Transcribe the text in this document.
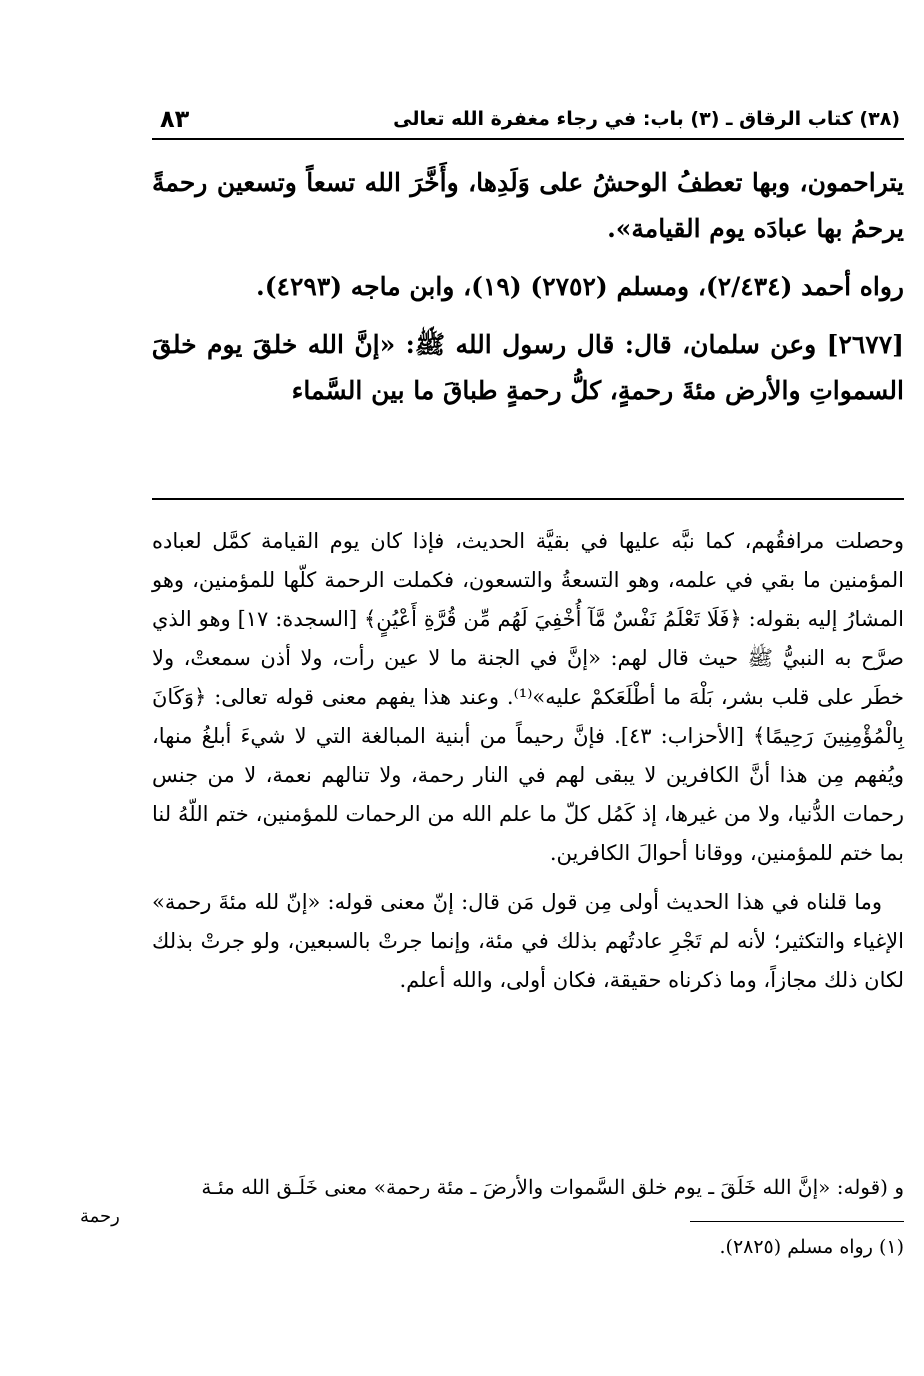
(٣٨) كتاب الرقاق ـ (٣) باب: في رجاء مغفرة الله تعالى
٨٣

يتراحمون، وبها تعطفُ الوحشُ على وَلَدِها، وأَخَّرَ الله تسعاً وتسعين رحمةً يرحمُ بها عبادَه يوم القيامة».

رواه أحمد (٢/٤٣٤)، ومسلم (٢٧٥٢) (١٩)، وابن ماجه (٤٢٩٣).

[٢٦٧٧] وعن سلمان، قال: قال رسول الله ﷺ: «إنَّ الله خلقَ يوم خلقَ السمواتِ والأرض مئةَ رحمةٍ، كلُّ رحمةٍ طباقَ ما بين السَّماء

وحصلت مرافقُهم، كما نبَّه عليها في بقيَّة الحديث، فإذا كان يوم القيامة كمَّل لعباده المؤمنين ما بقي في علمه، وهو التسعةُ والتسعون، فكملت الرحمة كلّها للمؤمنين، وهو المشارُ إليه بقوله: ﴿فَلَا تَعْلَمُ نَفْسٌ مَّآ أُخْفِيَ لَهُم مِّن قُرَّةِ أَعْيُنٍ﴾ [السجدة: ١٧] وهو الذي صرَّح به النبيُّ ﷺ حيث قال لهم: «إنَّ في الجنة ما لا عين رأت، ولا أذن سمعتْ، ولا خطَر على قلب بشر، بَلْهَ ما أطْلَعَكمْ عليه»⁽¹⁾. وعند هذا يفهم معنى قوله تعالى: ﴿وَكَانَ بِالْمُؤْمِنِينَ رَحِيمًا﴾ [الأحزاب: ٤٣]. فإنَّ رحيماً من أبنية المبالغة التي لا شيءَ أبلغُ منها، ويُفهم مِن هذا أنَّ الكافرين لا يبقى لهم في النار رحمة، ولا تنالهم نعمة، لا من جنس رحمات الدُّنيا، ولا من غيرها، إذ كَمُل كلّ ما علم الله من الرحمات للمؤمنين، ختم اللّهُ لنا بما ختم للمؤمنين، ووقانا أحوالَ الكافرين.

وما قلناه في هذا الحديث أولى مِن قول مَن قال: إنّ معنى قوله: «إنّ لله مئةَ رحمة» الإغياء والتكثير؛ لأنه لم تَجْرِ عادتُهم بذلك في مئة، وإنما جرتْ بالسبعين، ولو جرتْ بذلك لكان ذلك مجازاً، وما ذكرناه حقيقة، فكان أولى، والله أعلم.

و (قوله: «إنَّ الله خَلَقَ ـ يوم خلق السَّموات والأرضَ ـ مئة رحمة» معنى خَلَـق الله مئـة
رحمة
(١) رواه مسلم (٢٨٢٥).
